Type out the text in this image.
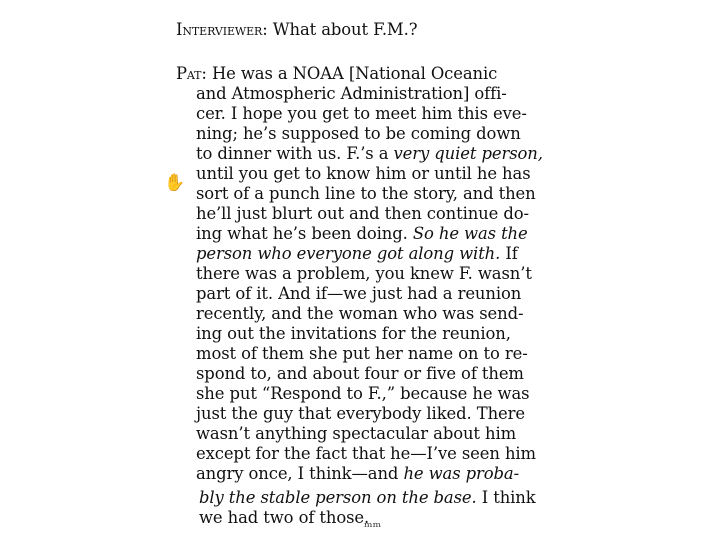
Interviewer: What about F.M.?
Pat: He was a NOAA [National Oceanic
and Atmospheric Administration] offi-
cer. I hope you get to meet him this eve-
ning; he’s supposed to be coming down
to dinner with us. F.’s a very quiet person,
until you get to know him or until he has
sort of a punch line to the story, and then
he’ll just blurt out and then continue do-
ing what he’s been doing. So he was the
person who everyone got along with. If
there was a problem, you knew F. wasn’t
part of it. And if—we just had a reunion
recently, and the woman who was send-
ing out the invitations for the reunion,
most of them she put her name on to re-
spond to, and about four or five of them
she put “Respond to F.,” because he was
just the guy that everybody liked. There
wasn’t anything spectacular about him
except for the fact that he—I’ve seen him
angry once, I think—and he was proba-
bly the stable person on the base. I think
we had two of those.
✋
ₘₘ
